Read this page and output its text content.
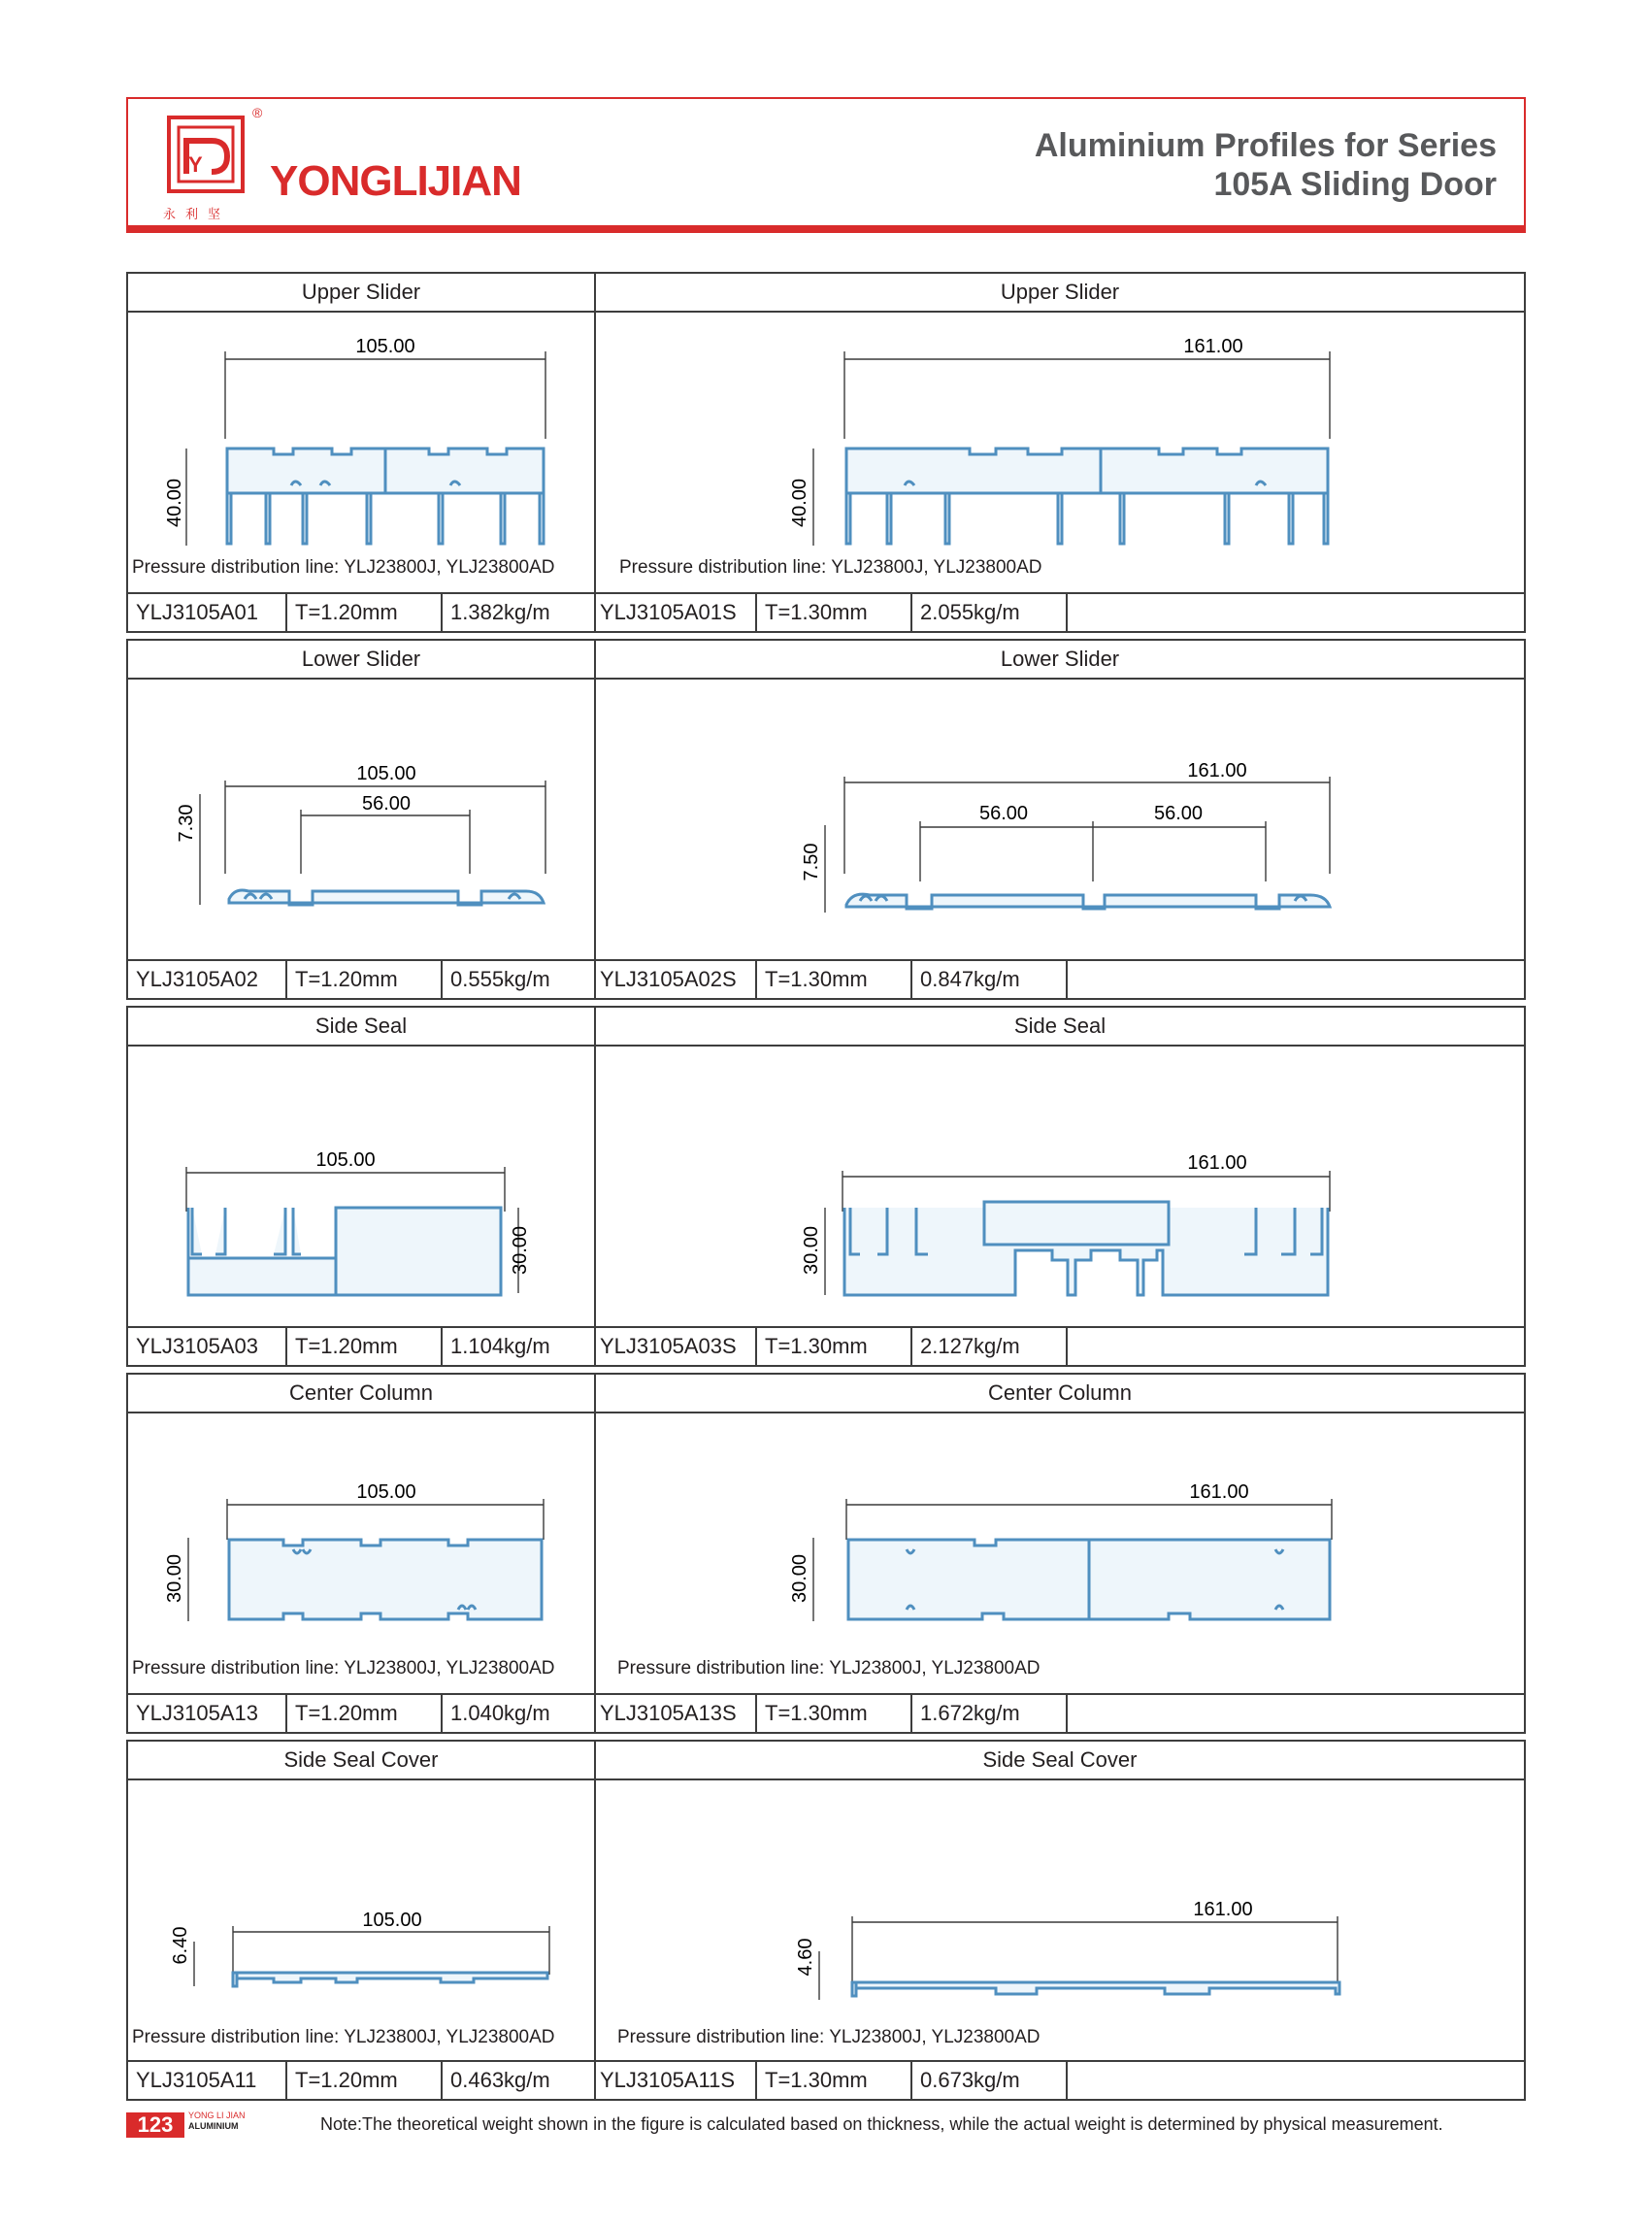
Y
®
YONGLIJIAN
永利坚
Aluminium Profiles for Series
105A Sliding Door
Upper Slider
105.00
40.00
Pressure distribution line: YLJ23800J, YLJ23800AD
YLJ3105A01	T=1.20mm	1.382kg/m
Upper Slider
161.00
40.00
Pressure distribution line: YLJ23800J, YLJ23800AD
YLJ3105A01S	T=1.30mm	2.055kg/m
Lower Slider
105.00
56.00
7.30
YLJ3105A02	T=1.20mm	0.555kg/m
Lower Slider
161.00
56.00	56.00
7.50
YLJ3105A02S	T=1.30mm	0.847kg/m
Side Seal
105.00
30.00
YLJ3105A03	T=1.20mm	1.104kg/m
Side Seal
161.00
30.00
YLJ3105A03S	T=1.30mm	2.127kg/m
Center Column
105.00
30.00
Pressure distribution line: YLJ23800J, YLJ23800AD
YLJ3105A13	T=1.20mm	1.040kg/m
Center Column
161.00
30.00
Pressure distribution line: YLJ23800J, YLJ23800AD
YLJ3105A13S	T=1.30mm	1.672kg/m
Side Seal Cover
105.00
6.40
Pressure distribution line: YLJ23800J, YLJ23800AD
YLJ3105A11	T=1.20mm	0.463kg/m
Side Seal Cover
161.00
4.60
Pressure distribution line: YLJ23800J, YLJ23800AD
YLJ3105A11S	T=1.30mm	0.673kg/m
123	YONG LI JIAN
ALUMINIUM	Note:The theoretical weight shown in the figure is calculated based on thickness, while the actual weight is determined by physical measurement.
